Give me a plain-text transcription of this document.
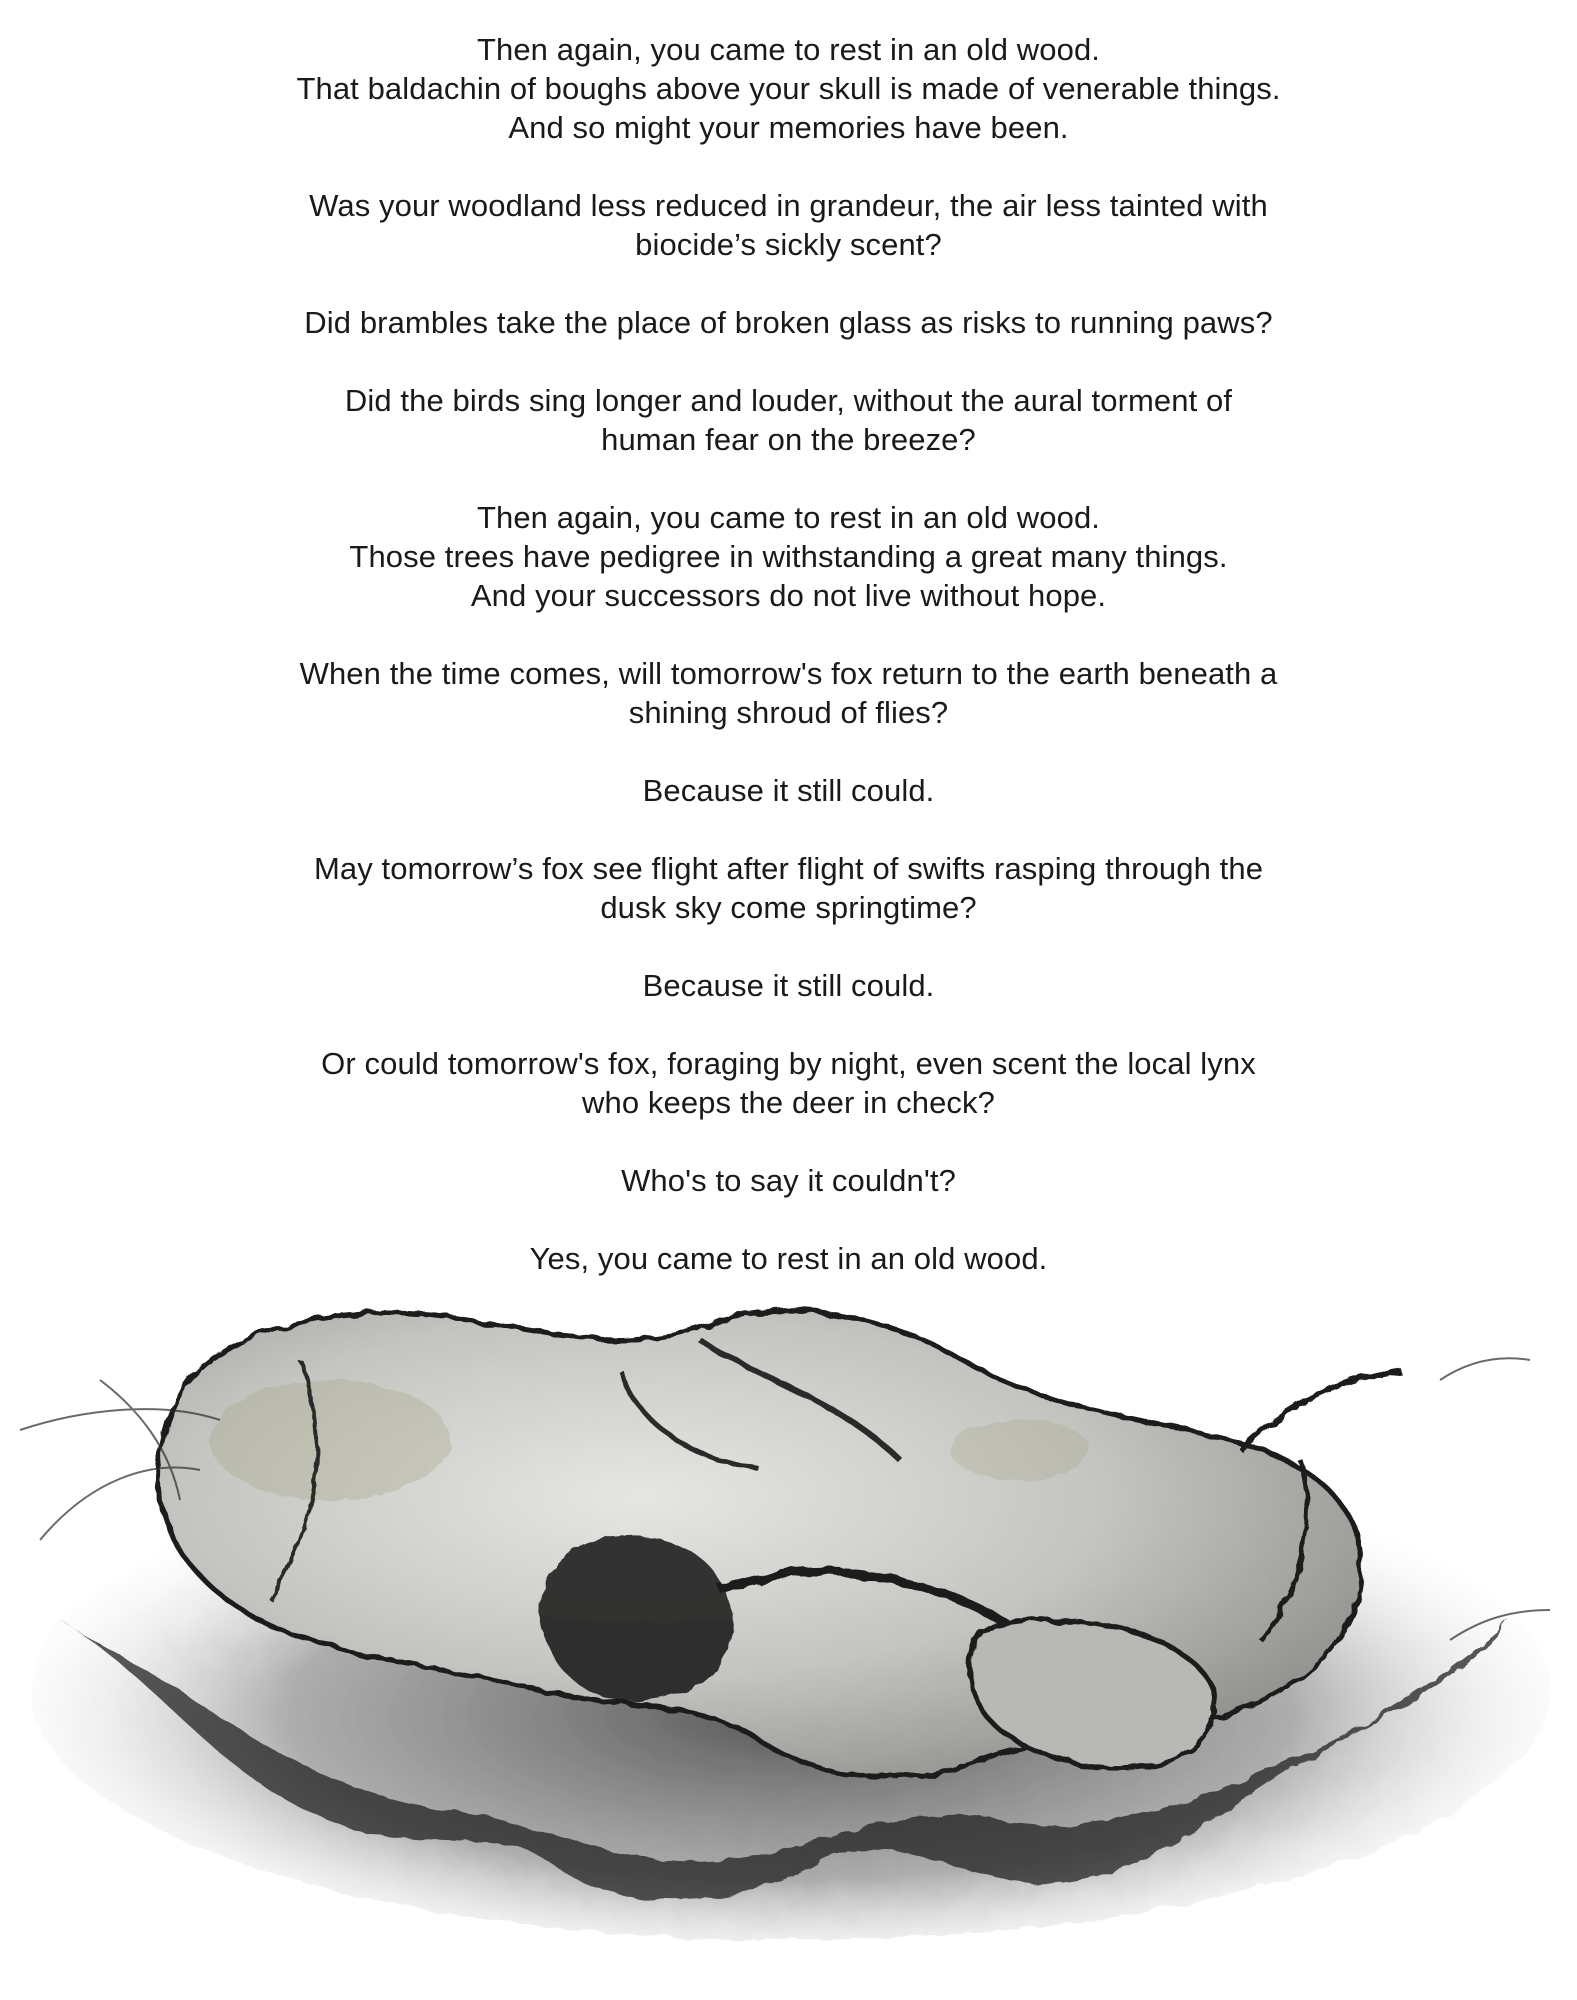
Then again, you came to rest in an old wood.
That baldachin of boughs above your skull is made of venerable things.
And so might your memories have been.
Was your woodland less reduced in grandeur, the air less tainted with
biocide’s sickly scent?
Did brambles take the place of broken glass as risks to running paws?
Did the birds sing longer and louder, without the aural torment of
human fear on the breeze?
Then again, you came to rest in an old wood.
Those trees have pedigree in withstanding a great many things.
And your successors do not live without hope.
When the time comes, will tomorrow's fox return to the earth beneath a
shining shroud of flies?
Because it still could.
May tomorrow’s fox see flight after flight of swifts rasping through the
dusk sky come springtime?
Because it still could.
Or could tomorrow's fox, foraging by night, even scent the local lynx
who keeps the deer in check?
Who's to say it couldn't?
Yes, you came to rest in an old wood.
